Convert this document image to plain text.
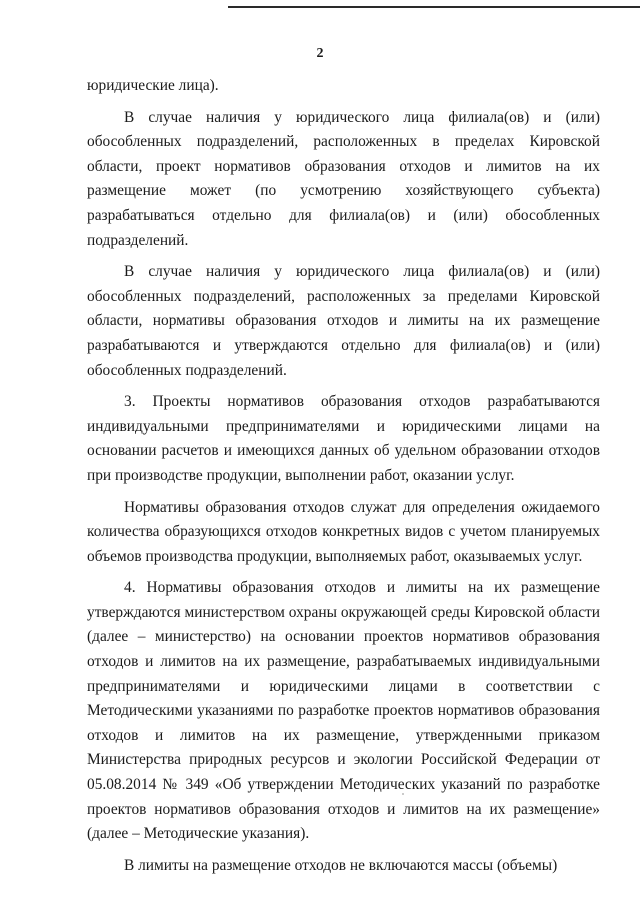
2

юридические лица).

В случае наличия у юридического лица филиала(ов) и (или) обособленных подразделений, расположенных в пределах Кировской области, проект нормативов образования отходов и лимитов на их размещение может (по усмотрению хозяйствующего субъекта) разрабатываться отдельно для филиала(ов) и (или) обособленных подразделений.

В случае наличия у юридического лица филиала(ов) и (или) обособленных подразделений, расположенных за пределами Кировской области, нормативы образования отходов и лимиты на их размещение разрабатываются и утверждаются отдельно для филиала(ов) и (или) обособленных подразделений.

3. Проекты нормативов образования отходов разрабатываются индивидуальными предпринимателями и юридическими лицами на основании расчетов и имеющихся данных об удельном образовании отходов при производстве продукции, выполнении работ, оказании услуг.

Нормативы образования отходов служат для определения ожидаемого количества образующихся отходов конкретных видов с учетом планируемых объемов производства продукции, выполняемых работ, оказываемых услуг.

4. Нормативы образования отходов и лимиты на их размещение утверждаются министерством охраны окружающей среды Кировской области (далее – министерство) на основании проектов нормативов образования отходов и лимитов на их размещение, разрабатываемых индивидуальными предпринимателями и юридическими лицами в соответствии с Методическими указаниями по разработке проектов нормативов образования отходов и лимитов на их размещение, утвержденными приказом Министерства природных ресурсов и экологии Российской Федерации от 05.08.2014 № 349 «Об утверждении Методических указаний по разработке проектов нормативов образования отходов и лимитов на их размещение» (далее – Методические указания).

В лимиты на размещение отходов не включаются массы (объемы)
